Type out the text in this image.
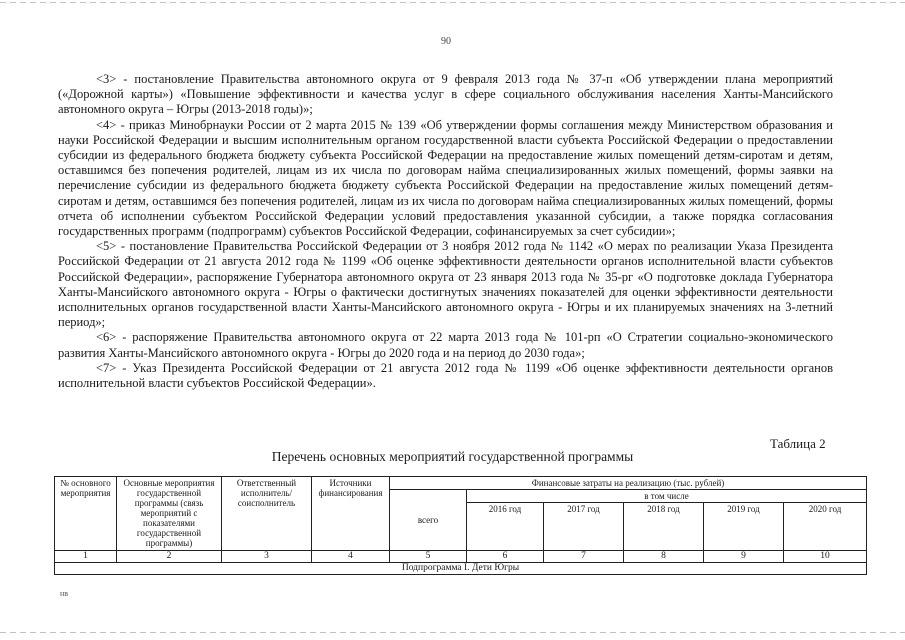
90

<3> - постановление Правительства автономного округа от 9 февраля 2013 года № 37-п «Об утверждении плана мероприятий («Дорожной карты») «Повышение эффективности и качества услуг в сфере социального обслуживания населения Ханты-Мансийского автономного округа – Югры (2013-2018 годы)»;

<4> - приказ Минобрнауки России от 2 марта 2015 № 139 «Об утверждении формы соглашения между Министерством образования и науки Российской Федерации и высшим исполнительным органом государственной власти субъекта Российской Федерации о предоставлении субсидии из федерального бюджета бюджету субъекта Российской Федерации на предоставление жилых помещений детям-сиротам и детям, оставшимся без попечения родителей, лицам из их числа по договорам найма специализированных жилых помещений, формы заявки на перечисление субсидии из федерального бюджета бюджету субъекта Российской Федерации на предоставление жилых помещений детям-сиротам и детям, оставшимся без попечения родителей, лицам из их числа по договорам найма специализированных жилых помещений, формы отчета об исполнении субъектом Российской Федерации условий предоставления указанной субсидии, а также порядка согласования государственных программ (подпрограмм) субъектов Российской Федерации, софинансируемых за счет субсидии»;

<5> - постановление Правительства Российской Федерации от 3 ноября 2012 года № 1142 «О мерах по реализации Указа Президента Российской Федерации от 21 августа 2012 года № 1199 «Об оценке эффективности деятельности органов исполнительной власти субъектов Российской Федерации», распоряжение Губернатора автономного округа от 23 января 2013 года № 35-рг «О подготовке доклада Губернатора Ханты-Мансийского автономного округа - Югры о фактически достигнутых значениях показателей для оценки эффективности деятельности исполнительных органов государственной власти Ханты-Мансийского автономного округа - Югры и их планируемых значениях на 3-летний период»;

<6> - распоряжение Правительства автономного округа от 22 марта 2013 года № 101-рп «О Стратегии социально-экономического развития Ханты-Мансийского автономного округа - Югры до 2020 года и на период до 2030 года»;

<7> - Указ Президента Российской Федерации от 21 августа 2012 года № 1199 «Об оценке эффективности деятельности органов исполнительной власти субъектов Российской Федерации».

Таблица 2
Перечень основных мероприятий государственной программы
№ основного мероприятия	Основные мероприятия государственной программы (связь мероприятий с показателями государственной программы)	Ответственный исполнитель/ соисполнитель	Источники финансирования	Финансовые затраты на реализацию (тыс. рублей)					
				всего	в том числе				
					2016 год	2017 год	2018 год	2019 год	2020 год
1	2	3	4	5	6	7	8	9	10
Подпрограмма I. Дети Югры									
нв
